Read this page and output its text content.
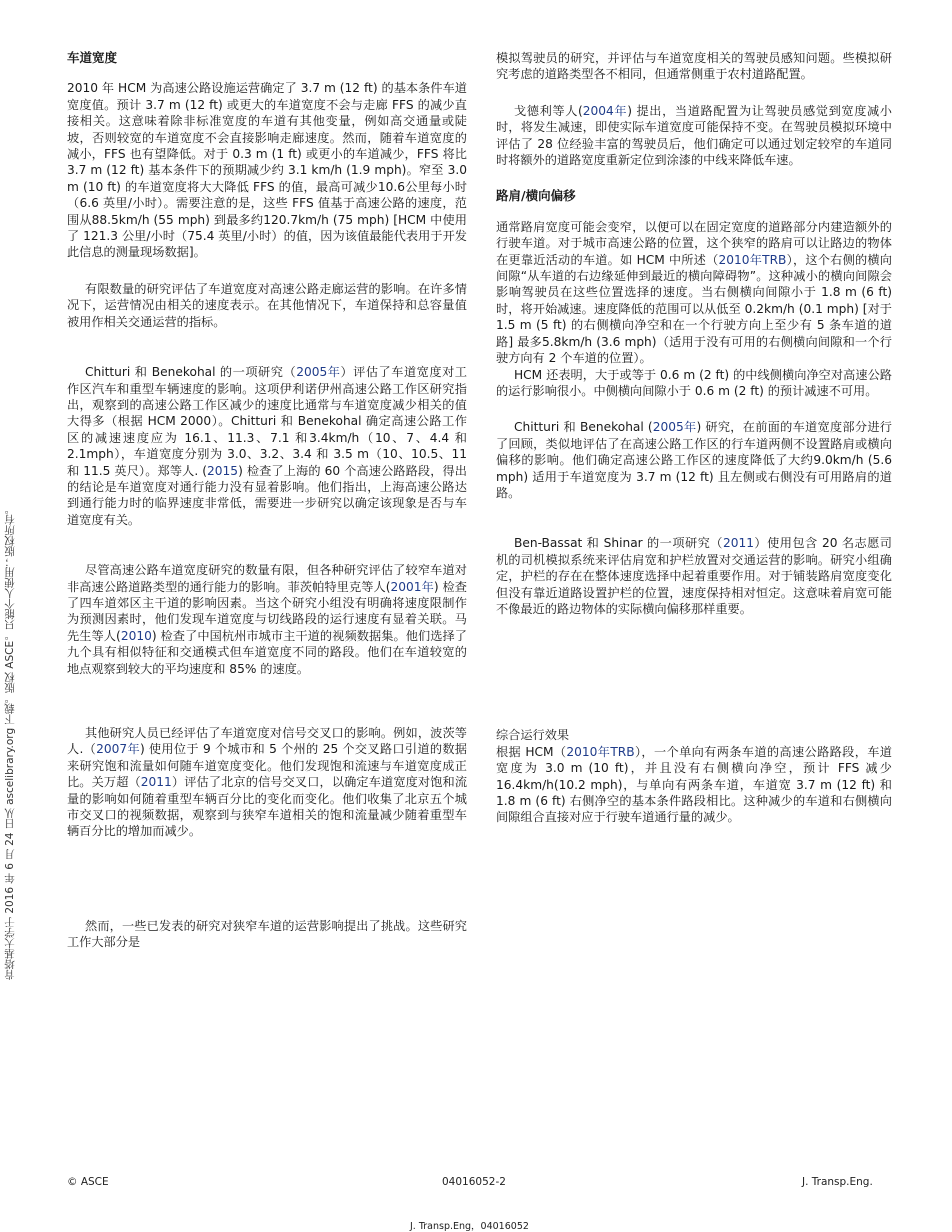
肯塔基大学于 2016 年 6 月 24 日从 ascelibrary.org 下载。版权 ASCE。只能个人使用；版权所有。
车道宽度

2010 年 HCM 为高速公路设施运营确定了 3.7 m (12 ft) 的基本条件车道宽度值。预计 3.7 m (12 ft) 或更大的车道宽度不会与走廊 FFS 的减少直接相关。这意味着除非标准宽度的车道有其他变量，例如高交通量或陡坡，否则较宽的车道宽度不会直接影响走廊速度。然而，随着车道宽度的减小，FFS 也有望降低。对于 0.3 m (1 ft) 或更小的车道减少，FFS 将比 3.7 m (12 ft) 基本条件下的预期减少约 3.1 km/h (1.9 mph)。窄至 3.0 m (10 ft) 的车道宽度将大大降低 FFS 的值，最高可减少10.6公里每小时（6.6 英里/小时）。需要注意的是，这些 FFS 值基于高速公路的速度，范围从88.5km/h (55 mph) 到最多约120.7km/h (75 mph) [HCM 中使用了 121.3 公里/小时（75.4 英里/小时）的值，因为该值最能代表用于开发此信息的测量现场数据]。

有限数量的研究评估了车道宽度对高速公路走廊运营的影响。在许多情况下，运营情况由相关的速度表示。在其他情况下，车道保持和总容量值被用作相关交通运营的指标。

Chitturi 和 Benekohal 的一项研究（2005年）评估了车道宽度对工作区汽车和重型车辆速度的影响。这项伊利诺伊州高速公路工作区研究指出，观察到的高速公路工作区减少的速度比通常与车道宽度减少相关的值大得多（根据 HCM 2000）。Chitturi 和 Benekohal 确定高速公路工作区的减速速度应为 16.1、11.3、7.1 和3.4km/h（10、7、4.4 和 2.1mph），车道宽度分别为 3.0、3.2、3.4 和 3.5 m（10、10.5、11 和 11.5 英尺）。郑等人. (2015) 检查了上海的 60 个高速公路路段，得出的结论是车道宽度对通行能力没有显着影响。他们指出，上海高速公路达到通行能力时的临界速度非常低，需要进一步研究以确定该现象是否与车道宽度有关。

尽管高速公路车道宽度研究的数量有限，但各种研究评估了较窄车道对非高速公路道路类型的通行能力的影响。菲茨帕特里克等人(2001年) 检查了四车道郊区主干道的影响因素。当这个研究小组没有明确将速度限制作为预测因素时，他们发现车道宽度与切线路段的运行速度有显着关联。马先生等人(2010) 检查了中国杭州市城市主干道的视频数据集。他们选择了九个具有相似特征和交通模式但车道宽度不同的路段。他们在车道较宽的地点观察到较大的平均速度和 85% 的速度。

其他研究人员已经评估了车道宽度对信号交叉口的影响。例如，波茨等人.（2007年) 使用位于 9 个城市和 5 个州的 25 个交叉路口引道的数据来研究饱和流量如何随车道宽度变化。他们发现饱和流速与车道宽度成正比。关万超（2011）评估了北京的信号交叉口，以确定车道宽度对饱和流量的影响如何随着重型车辆百分比的变化而变化。他们收集了北京五个城市交叉口的视频数据，观察到与狭窄车道相关的饱和流量减少随着重型车辆百分比的增加而减少。

然而，一些已发表的研究对狭窄车道的运营影响提出了挑战。这些研究工作大部分是

模拟驾驶员的研究，并评估与车道宽度相关的驾驶员感知问题。些模拟研究考虑的道路类型各不相同，但通常侧重于农村道路配置。

戈德利等人(2004年) 提出，当道路配置为让驾驶员感觉到宽度减小时，将发生减速，即使实际车道宽度可能保持不变。在驾驶员模拟环境中评估了 28 位经验丰富的驾驶员后，他们确定可以通过划定较窄的车道同时将额外的道路宽度重新定位到涂漆的中线来降低车速。

路肩/横向偏移

通常路肩宽度可能会变窄，以便可以在固定宽度的道路部分内建造额外的行驶车道。对于城市高速公路的位置，这个狭窄的路肩可以让路边的物体在更靠近活动的车道。如 HCM 中所述（2010年TRB），这个右侧的横向间隙“从车道的右边缘延伸到最近的横向障碍物”。这种减小的横向间隙会影响驾驶员在这些位置选择的速度。当右侧横向间隙小于 1.8 m (6 ft) 时，将开始减速。速度降低的范围可以从低至 0.2km/h (0.1 mph) [对于 1.5 m (5 ft) 的右侧横向净空和在一个行驶方向上至少有 5 条车道的道路] 最多5.8km/h (3.6 mph)（适用于没有可用的右侧横向间隙和一个行驶方向有 2 个车道的位置）。

HCM 还表明，大于或等于 0.6 m (2 ft) 的中线侧横向净空对高速公路的运行影响很小。中侧横向间隙小于 0.6 m (2 ft) 的预计减速不可用。

Chitturi 和 Benekohal (2005年) 研究，在前面的车道宽度部分进行了回顾，类似地评估了在高速公路工作区的行车道两侧不设置路肩或横向偏移的影响。他们确定高速公路工作区的速度降低了大约9.0km/h (5.6 mph) 适用于车道宽度为 3.7 m (12 ft) 且左侧或右侧没有可用路肩的道路。

Ben-Bassat 和 Shinar 的一项研究（2011）使用包含 20 名志愿司机的司机模拟系统来评估肩宽和护栏放置对交通运营的影响。研究小组确定，护栏的存在在整体速度选择中起着重要作用。对于铺装路肩宽度变化但没有靠近道路设置护栏的位置，速度保持相对恒定。这意味着肩宽可能不像最近的路边物体的实际横向偏移那样重要。

综合运行效果

根据 HCM（2010年TRB），一个单向有两条车道的高速公路路段，车道宽度为 3.0 m (10 ft)，并且没有右侧横向净空，预计 FFS 减少16.4km/h(10.2 mph)，与单向有两条车道，车道宽 3.7 m (12 ft) 和 1.8 m (6 ft) 右侧净空的基本条件路段相比。这种减少的车道和右侧横向间隙组合直接对应于行驶车道通行量的减少。

© ASCE	04016052-2	J. Transp.Eng.
J. Transp.Eng，04016052
